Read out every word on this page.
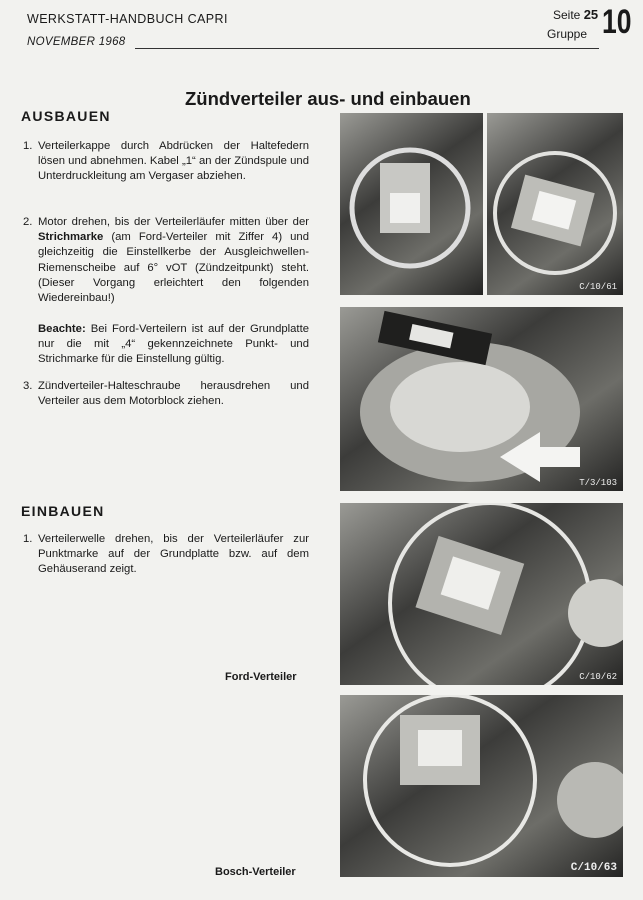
WERKSTATT-HANDBUCH CAPRI
NOVEMBER 1968
Seite 25
Gruppe 10
Zündverteiler aus- und einbauen
AUSBAUEN
1. Verteilerkappe durch Abdrücken der Haltefedern lösen und abnehmen. Kabel „1“ an der Zündspule und Unterdruckleitung am Vergaser abziehen.
2. Motor drehen, bis der Verteilerläufer mitten über der Strichmarke (am Ford-Verteiler mit Ziffer 4) und gleichzeitig die Einstellkerbe der Ausgleichwellen-Riemenscheibe auf 6° vOT (Zündzeitpunkt) steht. (Dieser Vorgang erleichtert den folgenden Wiedereinbau!)
Beachte: Bei Ford-Verteilern ist auf der Grundplatte nur die mit „4“ gekennzeichnete Punkt- und Strichmarke für die Einstellung gültig.
3. Zündverteiler-Halteschraube herausdrehen und Verteiler aus dem Motorblock ziehen.
EINBAUEN
1. Verteilerwelle drehen, bis der Verteilerläufer zur Punktmarke auf der Grundplatte bzw. auf dem Gehäuserand zeigt.
Ford-Verteiler
Bosch-Verteiler
C/10/61
T/3/103
C/10/62
C/10/63
